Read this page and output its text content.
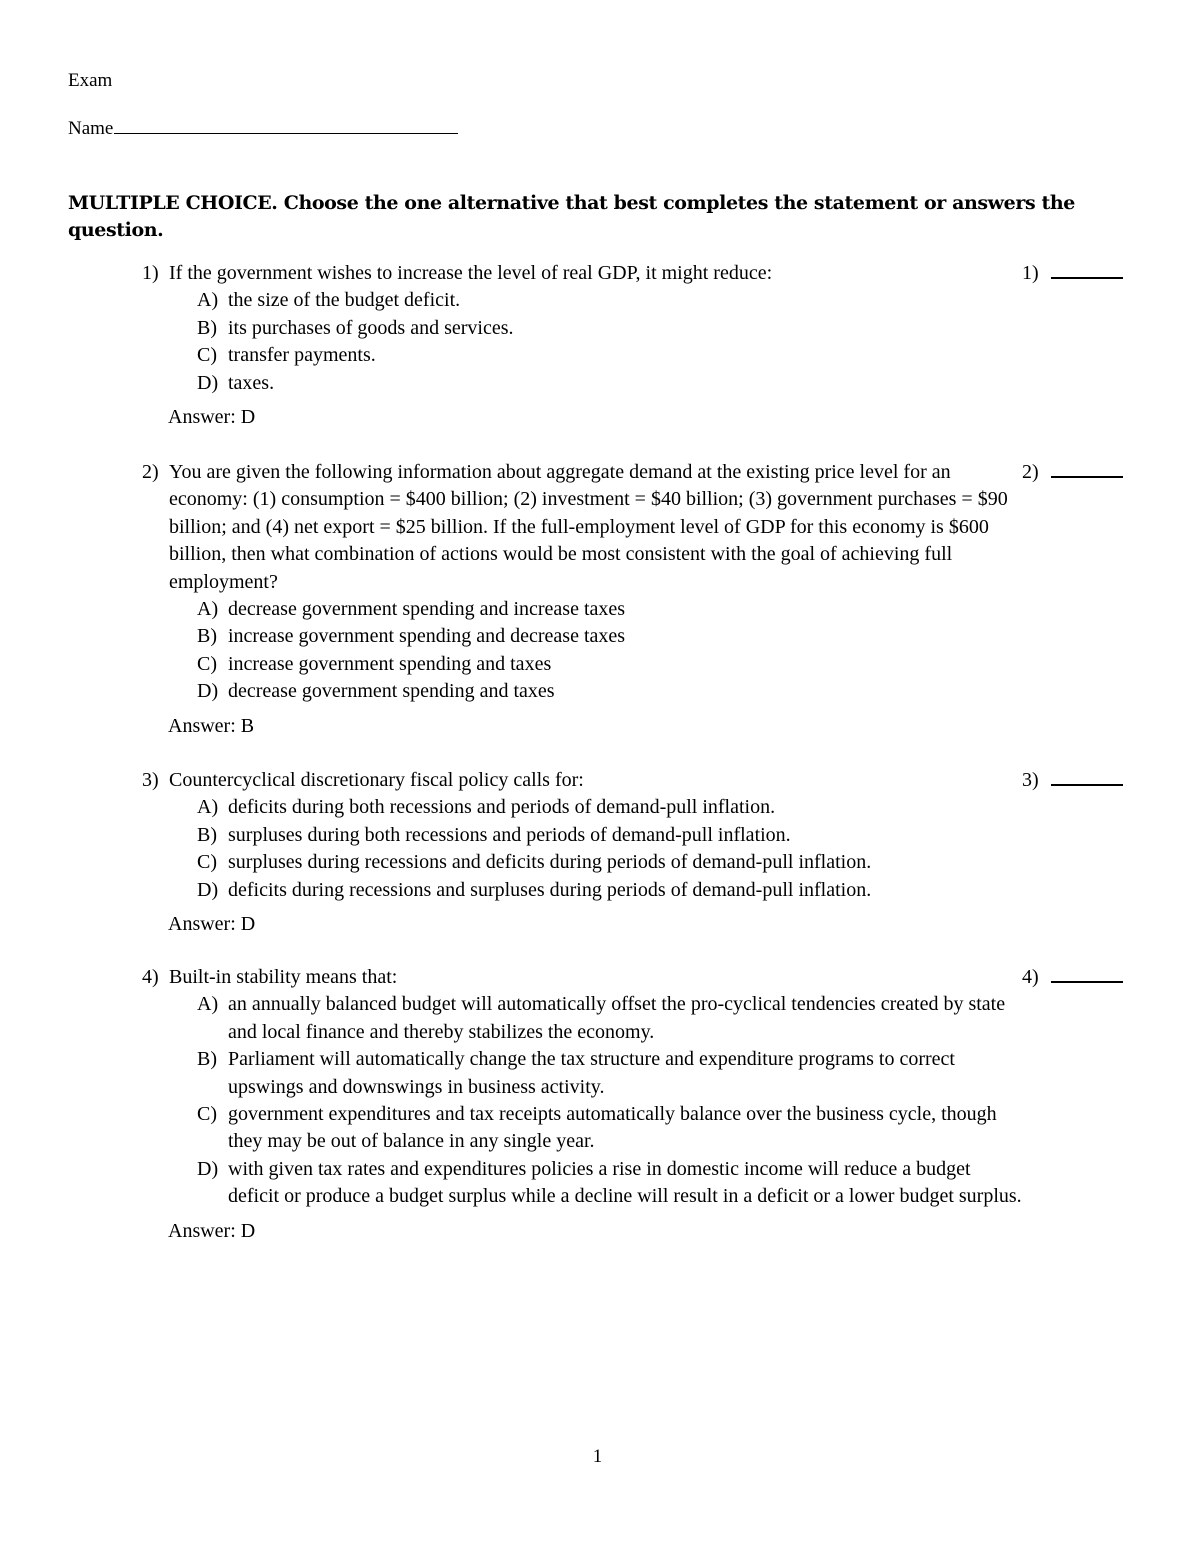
Exam
Name
MULTIPLE CHOICE. Choose the one alternative that best completes the statement or answers the question.
1) If the government wishes to increase the level of real GDP, it might reduce:
A) the size of the budget deficit.
B) its purchases of goods and services.
C) transfer payments.
D) taxes.
Answer: D
1)
2) You are given the following information about aggregate demand at the existing price level for an economy: (1) consumption = $400 billion; (2) investment = $40 billion; (3) government purchases = $90 billion; and (4) net export = $25 billion. If the full-employment level of GDP for this economy is $600 billion, then what combination of actions would be most consistent with the goal of achieving full employment?
A) decrease government spending and increase taxes
B) increase government spending and decrease taxes
C) increase government spending and taxes
D) decrease government spending and taxes
Answer: B
2)
3) Countercyclical discretionary fiscal policy calls for:
A) deficits during both recessions and periods of demand-pull inflation.
B) surpluses during both recessions and periods of demand-pull inflation.
C) surpluses during recessions and deficits during periods of demand-pull inflation.
D) deficits during recessions and surpluses during periods of demand-pull inflation.
Answer: D
3)
4) Built-in stability means that:
A) an annually balanced budget will automatically offset the pro-cyclical tendencies created by state and local finance and thereby stabilizes the economy.
B) Parliament will automatically change the tax structure and expenditure programs to correct upswings and downswings in business activity.
C) government expenditures and tax receipts automatically balance over the business cycle, though they may be out of balance in any single year.
D) with given tax rates and expenditures policies a rise in domestic income will reduce a budget deficit or produce a budget surplus while a decline will result in a deficit or a lower budget surplus.
Answer: D
4)
1
